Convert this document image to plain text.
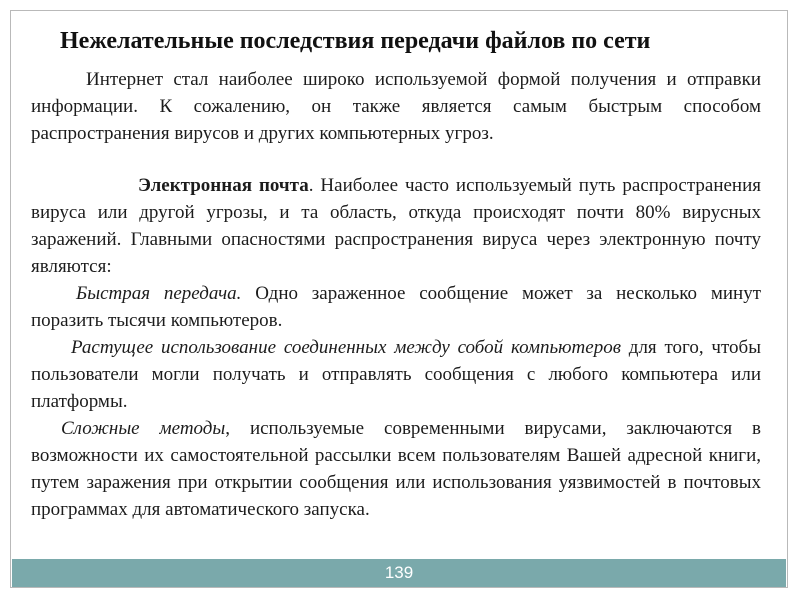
Нежелательные последствия передачи файлов по сети

Интернет стал наиболее широко используемой формой получения и отправки информации. К сожалению, он также является самым быстрым способом распространения вирусов и других компьютерных угроз.

Электронная почта. Наиболее часто используемый путь распространения вируса или другой угрозы, и та область, откуда происходят почти 80% вирусных заражений. Главными опасностями распространения вируса через электронную почту являются:

Быстрая передача. Одно зараженное сообщение может за несколько минут поразить тысячи компьютеров.

Растущее использование соединенных между собой компьютеров для того, чтобы пользователи могли получать и отправлять сообщения с любого компьютера или платформы.

Сложные методы, используемые современными вирусами, заключаются в возможности их самостоятельной рассылки всем пользователям Вашей адресной книги, путем заражения при открытии сообщения или использования уязвимостей в почтовых программах для автоматического запуска.

139
